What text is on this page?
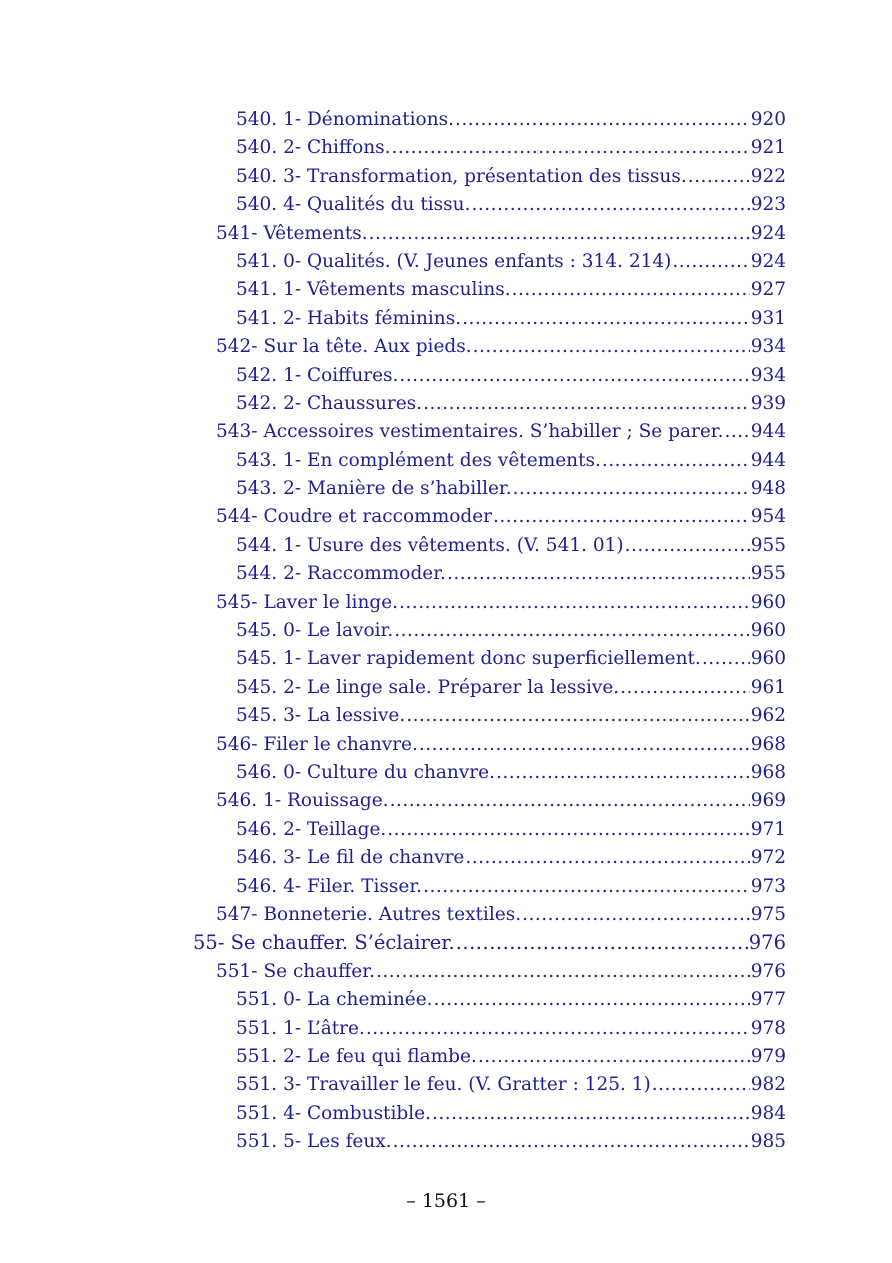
540. 1- Dénominations. .....	920
540. 2- Chiffons. .....	921
540. 3- Transformation, présentation des tissus. .....	922
540. 4- Qualités du tissu. .....	923
541- Vêtements. .....	924
541. 0- Qualités. (V. Jeunes enfants : 314. 214) .....	924
541. 1- Vêtements masculins. .....	927
541. 2- Habits féminins. .....	931
542- Sur la tête. Aux pieds. .....	934
542. 1- Coiffures. .....	934
542. 2- Chaussures. .....	939
543- Accessoires vestimentaires. S’habiller ; Se parer. ..... 944
543. 1- En complément des vêtements. .....	944
543. 2- Manière de s’habiller. .....	948
544- Coudre et raccommoder .....	954
544. 1- Usure des vêtements. (V. 541. 01) .....	955
544. 2- Raccommoder. .....	955
545- Laver le linge. .....	960
545. 0- Le lavoir. .....	960
545. 1- Laver rapidement donc superficiellement. .....	960
545. 2- Le linge sale. Préparer la lessive. .....	961
545. 3- La lessive. .....	962
546- Filer le chanvre. .....	968
546. 0- Culture du chanvre. .....	968
546. 1- Rouissage. .....	969
546. 2- Teillage. .....	971
546. 3- Le fil de chanvre .....	972
546. 4- Filer. Tisser. .....	973
547- Bonneterie. Autres textiles. .....	975
55- Se chauffer. S’éclairer. .....	976
551- Se chauffer. .....	976
551. 0- La cheminée. .....	977
551. 1- L’âtre. .....	978
551. 2- Le feu qui flambe. .....	979
551. 3- Travailler le feu. (V. Gratter : 125. 1) .....	982
551. 4- Combustible. .....	984
551. 5- Les feux. .....	985
– 1561 –
